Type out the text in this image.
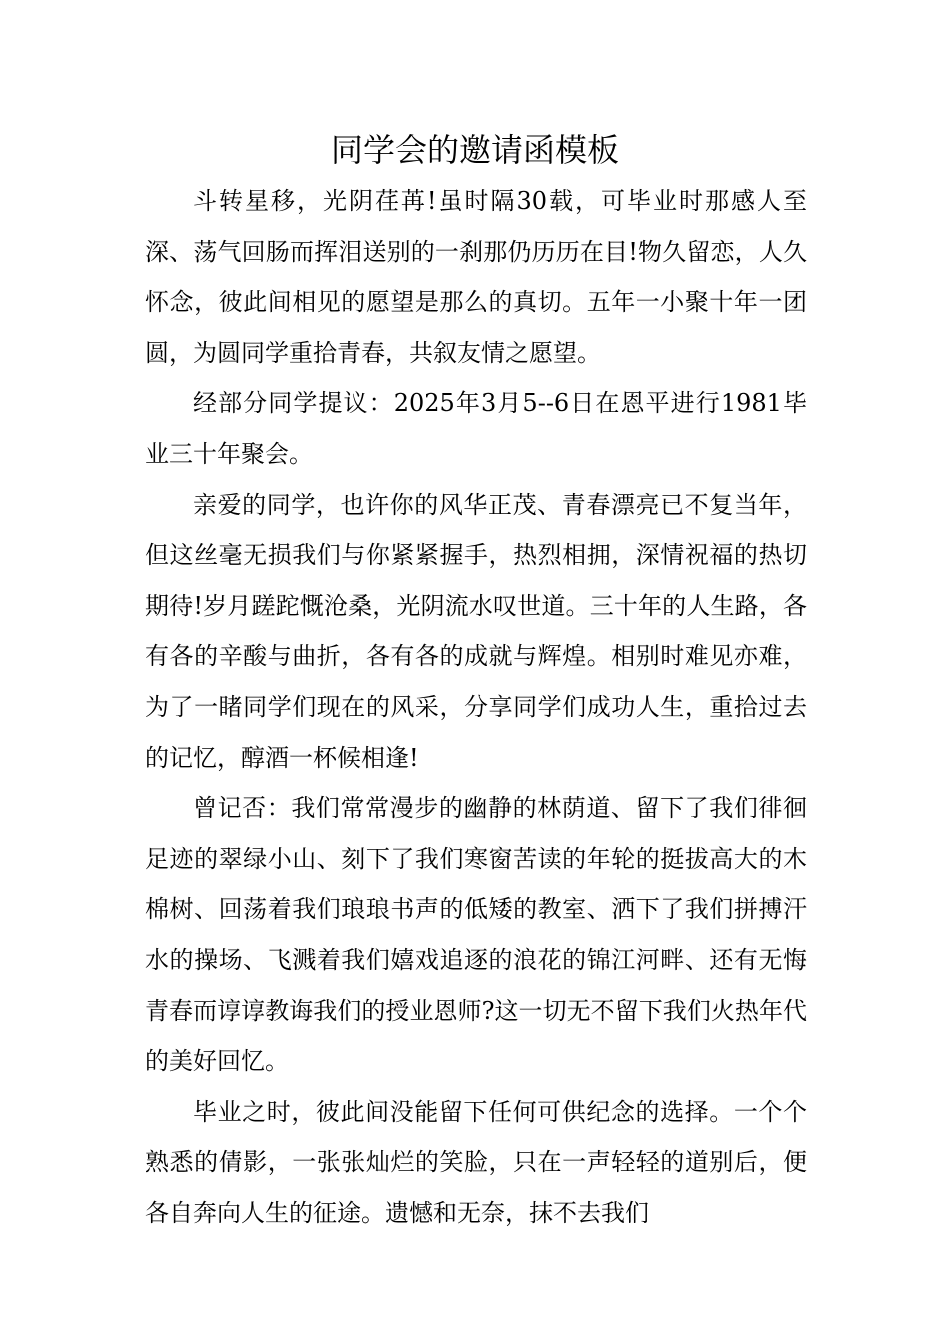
同学会的邀请函模板

斗转星移，光阴荏苒!虽时隔30载，可毕业时那感人至深、荡气回肠而挥泪送别的一刹那仍历历在目!物久留恋，人久怀念，彼此间相见的愿望是那么的真切。五年一小聚十年一团圆，为圆同学重拾青春，共叙友情之愿望。

经部分同学提议：2025年3月5--6日在恩平进行1981毕业三十年聚会。

亲爱的同学，也许你的风华正茂、青春漂亮已不复当年，但这丝毫无损我们与你紧紧握手，热烈相拥，深情祝福的热切期待!岁月蹉跎慨沧桑，光阴流水叹世道。三十年的人生路，各有各的辛酸与曲折，各有各的成就与辉煌。相别时难见亦难，为了一睹同学们现在的风采，分享同学们成功人生，重拾过去的记忆，醇酒一杯候相逢!

曾记否：我们常常漫步的幽静的林荫道、留下了我们徘徊足迹的翠绿小山、刻下了我们寒窗苦读的年轮的挺拔高大的木棉树、回荡着我们琅琅书声的低矮的教室、洒下了我们拼搏汗水的操场、飞溅着我们嬉戏追逐的浪花的锦江河畔、还有无悔青春而谆谆教诲我们的授业恩师?这一切无不留下我们火热年代的美好回忆。

毕业之时，彼此间没能留下任何可供纪念的选择。一个个熟悉的倩影，一张张灿烂的笑脸，只在一声轻轻的道别后，便各自奔向人生的征途。遗憾和无奈，抹不去我们
